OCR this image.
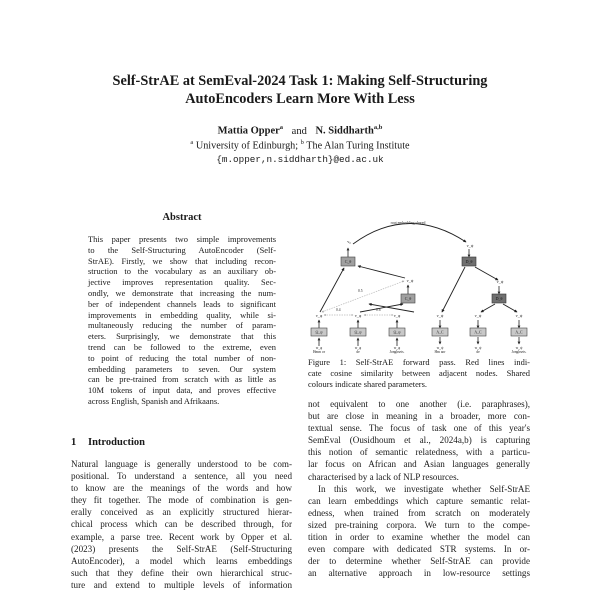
Self-StrAE at SemEval-2024 Task 1: Making Self-Structuring
AutoEncoders Learn More With Less
Mattia Opper$^a$ and N. Siddharth$^{a,b}$
$^a$ University of Edinburgh; $^b$ The Alan Turing Institute
{m.opper,n.siddharth}@ed.ac.uk
Abstract
This paper presents two simple improvements
to the Self-Structuring AutoEncoder (Self-
StrAE). Firstly, we show that including recon-
struction to the vocabulary as an auxiliary ob-
jective improves representation quality. Sec-
ondly, we demonstrate that increasing the num-
ber of independent channels leads to significant
improvements in embedding quality, while si-
multaneously reducing the number of param-
eters. Surprisingly, we demonstrate that this
trend can be followed to the extreme, even
to point of reducing the total number of non-
embedding parameters to seven. Our system
can be pre-trained from scratch with as little as
10M tokens of input data, and proves effective
across English, Spanish and Afrikaans.
1 Introduction
Natural language is generally understood to be com-
positional. To understand a sentence, all you need
to know are the meanings of the words and how
they fit together. The mode of combination is gen-
erally conceived as an explicitly structured hierar-
chical process which can be described through, for
example, a parse tree. Recent work by Opper et al.
(2023) presents the Self-StrAE (Self-Structuring
AutoEncoder), a model which learns embeddings
such that they define their own hierarchical struc-
ture and extend to multiple levels of information
root embedding shared
v₀
C_θ
v_ψ
C_θ
0.5
0.4	0.6
v_φ
Ω_ψ
w_φ
Hmm or
v_φ
Ω_ψ
w_φ
de
v_φ
Ω_ψ
w_φ
Jonghsets.
v_ψ
D_θ
v_ψ
D_θ
v_ψ
Λ_C
w_ψ
Hm aor
v_ψ
Λ_C
w_ψ
de
v_ψ
Λ_C
w_ψ
Jonghsets.
Figure 1: Self-StrAE forward pass. Red lines indi-
cate cosine similarity between adjacent nodes. Shared
colours indicate shared parameters.

not equivalent to one another (i.e. paraphrases),
but are close in meaning in a broader, more con-
textual sense. The focus of task one of this year's
SemEval (Ousidhoum et al., 2024a,b) is capturing
this notion of semantic relatedness, with a particu-
lar focus on African and Asian languages generally
characterised by a lack of NLP resources.

In this work, we investigate whether Self-StrAE
can learn embeddings which capture semantic relat-
edness, when trained from scratch on moderately
sized pre-training corpora. We turn to the compe-
tition in order to examine whether the model can
even compare with dedicated STR systems. In or-
der to determine whether Self-StrAE can provide
an alternative approach in low-resource settings
